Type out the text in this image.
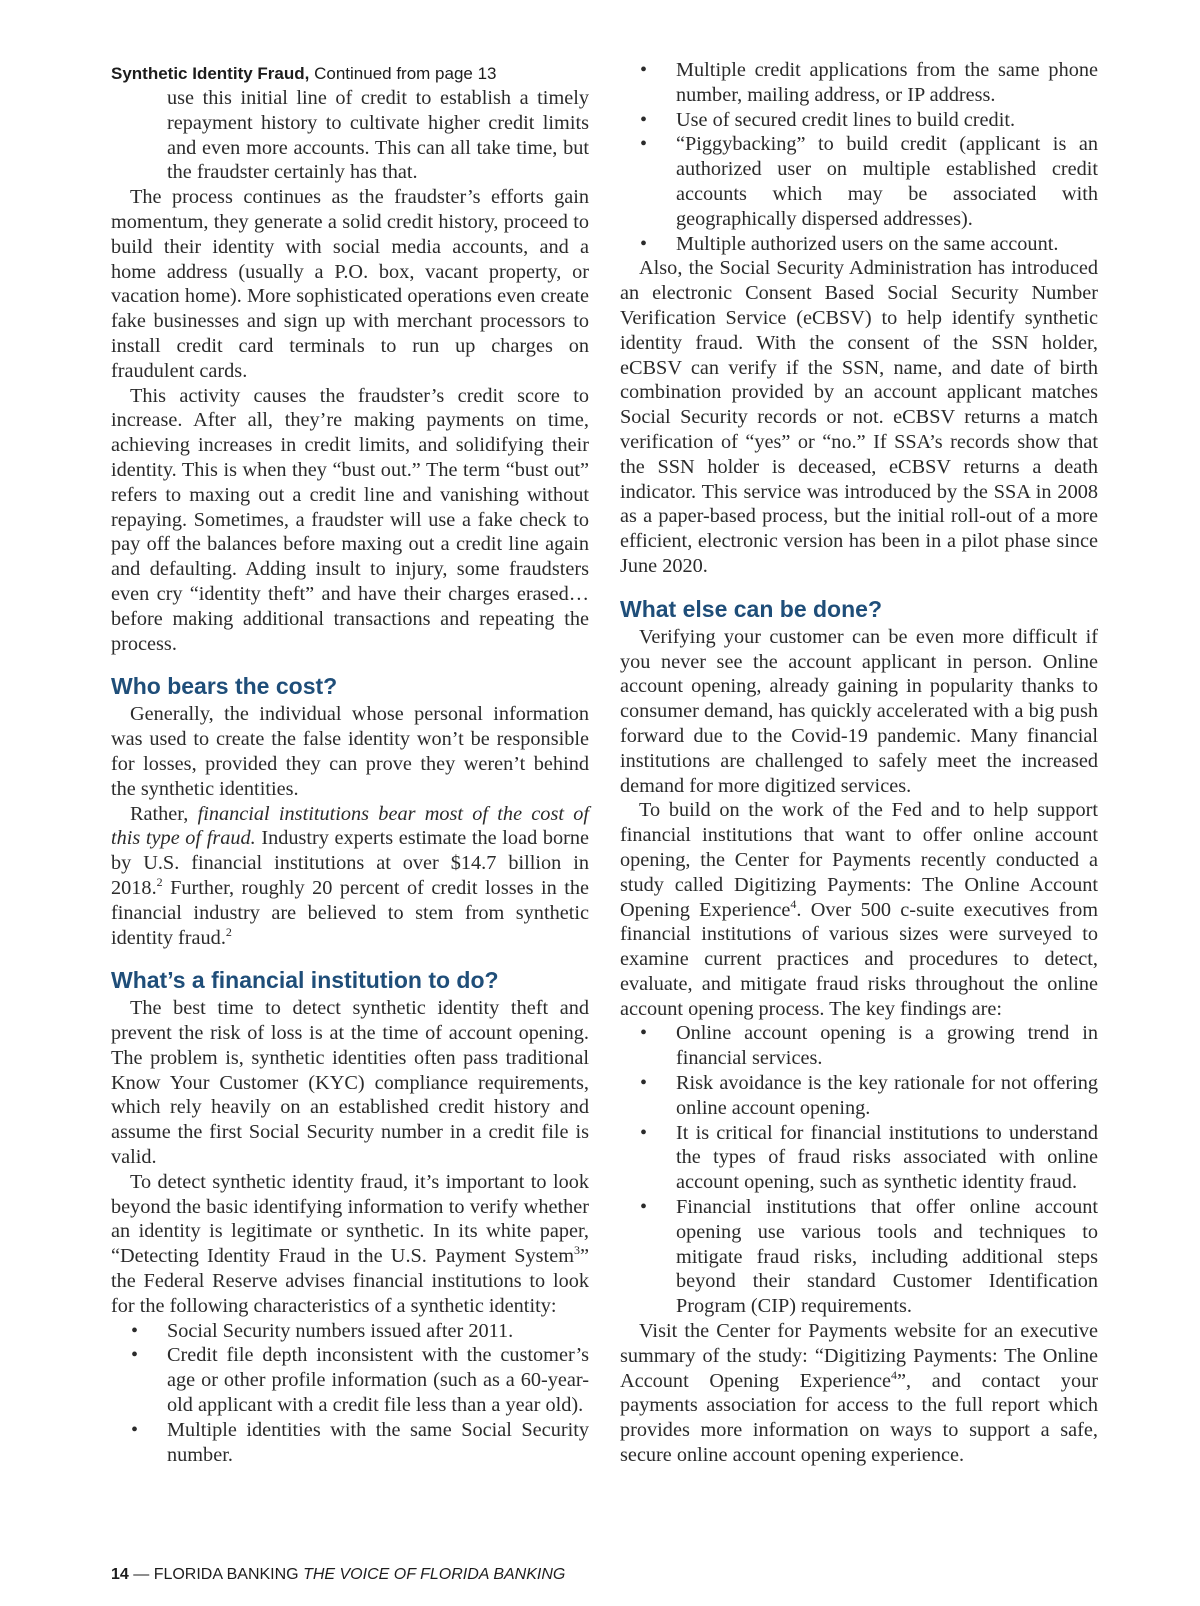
Synthetic Identity Fraud, Continued from page 13
use this initial line of credit to establish a timely repayment history to cultivate higher credit limits and even more accounts. This can all take time, but the fraudster certainly has that.

The process continues as the fraudster’s efforts gain momentum, they generate a solid credit history, proceed to build their identity with social media accounts, and a home address (usually a P.O. box, vacant property, or vacation home). More sophisticated operations even create fake businesses and sign up with merchant processors to install credit card terminals to run up charges on fraudulent cards.

This activity causes the fraudster’s credit score to increase. After all, they’re making payments on time, achieving increases in credit limits, and solidifying their identity. This is when they “bust out.” The term “bust out” refers to maxing out a credit line and vanishing without repaying. Sometimes, a fraudster will use a fake check to pay off the balances before maxing out a credit line again and defaulting. Adding insult to injury, some fraudsters even cry “identity theft” and have their charges erased…before making additional transactions and repeating the process.

Who bears the cost?

Generally, the individual whose personal information was used to create the false identity won’t be responsible for losses, provided they can prove they weren’t behind the synthetic identities.

Rather, financial institutions bear most of the cost of this type of fraud. Industry experts estimate the load borne by U.S. financial institutions at over $14.7 billion in 2018.$^2$ Further, roughly 20 percent of credit losses in the financial industry are believed to stem from synthetic identity fraud.$^2$

What’s a financial institution to do?

The best time to detect synthetic identity theft and prevent the risk of loss is at the time of account opening. The problem is, synthetic identities often pass traditional Know Your Customer (KYC) compliance requirements, which rely heavily on an established credit history and assume the first Social Security number in a credit file is valid.

To detect synthetic identity fraud, it’s important to look beyond the basic identifying information to verify whether an identity is legitimate or synthetic. In its white paper, “Detecting Identity Fraud in the U.S. Payment System$^3$” the Federal Reserve advises financial institutions to look for the following characteristics of a synthetic identity:

• Social Security numbers issued after 2011.
• Credit file depth inconsistent with the customer’s age or other profile information (such as a 60-year-old applicant with a credit file less than a year old).
• Multiple identities with the same Social Security number.
• Multiple credit applications from the same phone number, mailing address, or IP address.
• Use of secured credit lines to build credit.
• “Piggybacking” to build credit (applicant is an authorized user on multiple established credit accounts which may be associated with geographically dispersed addresses).
• Multiple authorized users on the same account.

Also, the Social Security Administration has introduced an electronic Consent Based Social Security Number Verification Service (eCBSV) to help identify synthetic identity fraud. With the consent of the SSN holder, eCBSV can verify if the SSN, name, and date of birth combination provided by an account applicant matches Social Security records or not. eCBSV returns a match verification of “yes” or “no.” If SSA’s records show that the SSN holder is deceased, eCBSV returns a death indicator. This service was introduced by the SSA in 2008 as a paper-based process, but the initial roll-out of a more efficient, electronic version has been in a pilot phase since June 2020.

What else can be done?

Verifying your customer can be even more difficult if you never see the account applicant in person. Online account opening, already gaining in popularity thanks to consumer demand, has quickly accelerated with a big push forward due to the Covid-19 pandemic. Many financial institutions are challenged to safely meet the increased demand for more digitized services.

To build on the work of the Fed and to help support financial institutions that want to offer online account opening, the Center for Payments recently conducted a study called Digitizing Payments: The Online Account Opening Experience$^4$. Over 500 c-suite executives from financial institutions of various sizes were surveyed to examine current practices and procedures to detect, evaluate, and mitigate fraud risks throughout the online account opening process. The key findings are:

• Online account opening is a growing trend in financial services.
• Risk avoidance is the key rationale for not offering online account opening.
• It is critical for financial institutions to understand the types of fraud risks associated with online account opening, such as synthetic identity fraud.
• Financial institutions that offer online account opening use various tools and techniques to mitigate fraud risks, including additional steps beyond their standard Customer Identification Program (CIP) requirements.

Visit the Center for Payments website for an executive summary of the study: “Digitizing Payments: The Online Account Opening Experience$^4$”, and contact your payments association for access to the full report which provides more information on ways to support a safe, secure online account opening experience.

14 — FLORIDA BANKING THE VOICE OF FLORIDA BANKING
